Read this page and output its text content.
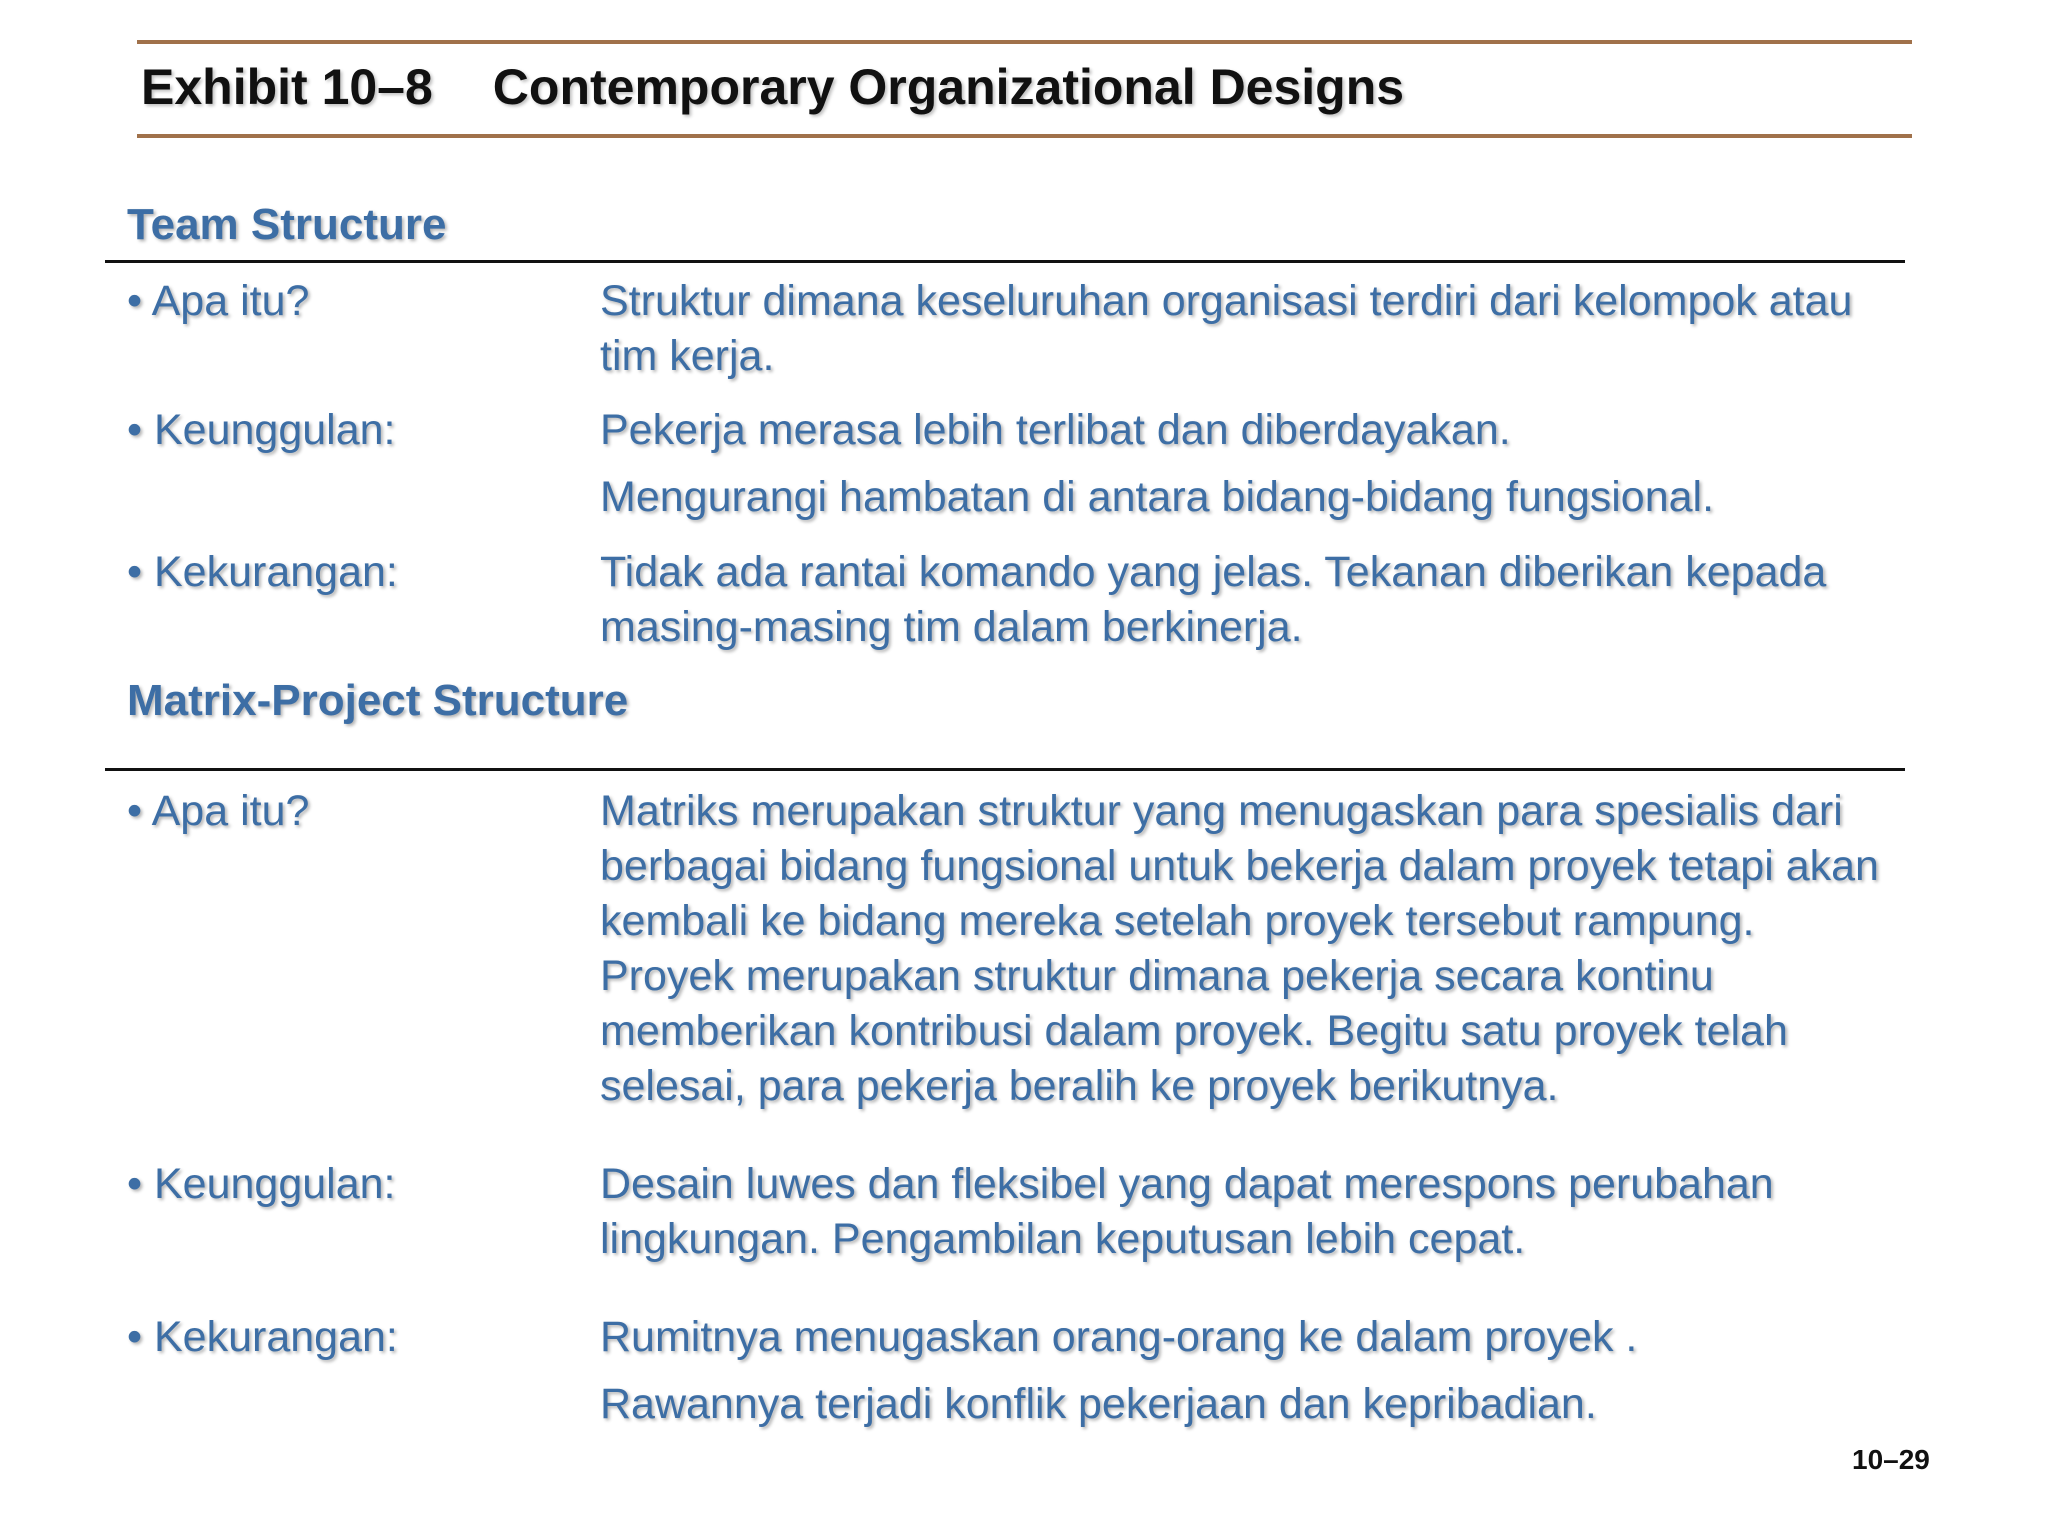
Exhibit 10–8 Contemporary Organizational Designs
Team Structure
• Apa itu?	Struktur dimana keseluruhan organisasi terdiri dari kelompok atau tim kerja.

• Keunggulan:	Pekerja merasa lebih terlibat dan diberdayakan.

Mengurangi hambatan di antara bidang-bidang fungsional.

• Kekurangan:	Tidak ada rantai komando yang jelas. Tekanan diberikan kepada masing-masing tim dalam berkinerja.

Matrix-Project Structure
• Apa itu?	Matriks merupakan struktur yang menugaskan para spesialis dari berbagai bidang fungsional untuk bekerja dalam proyek tetapi akan kembali ke bidang mereka setelah proyek tersebut rampung. Proyek merupakan struktur dimana pekerja secara kontinu memberikan kontribusi dalam proyek. Begitu satu proyek telah selesai, para pekerja beralih ke proyek berikutnya.

• Keunggulan:	Desain luwes dan fleksibel yang dapat merespons perubahan lingkungan. Pengambilan keputusan lebih cepat.

• Kekurangan:	Rumitnya menugaskan orang-orang ke dalam proyek .

Rawannya terjadi konflik pekerjaan dan kepribadian.

10–29
